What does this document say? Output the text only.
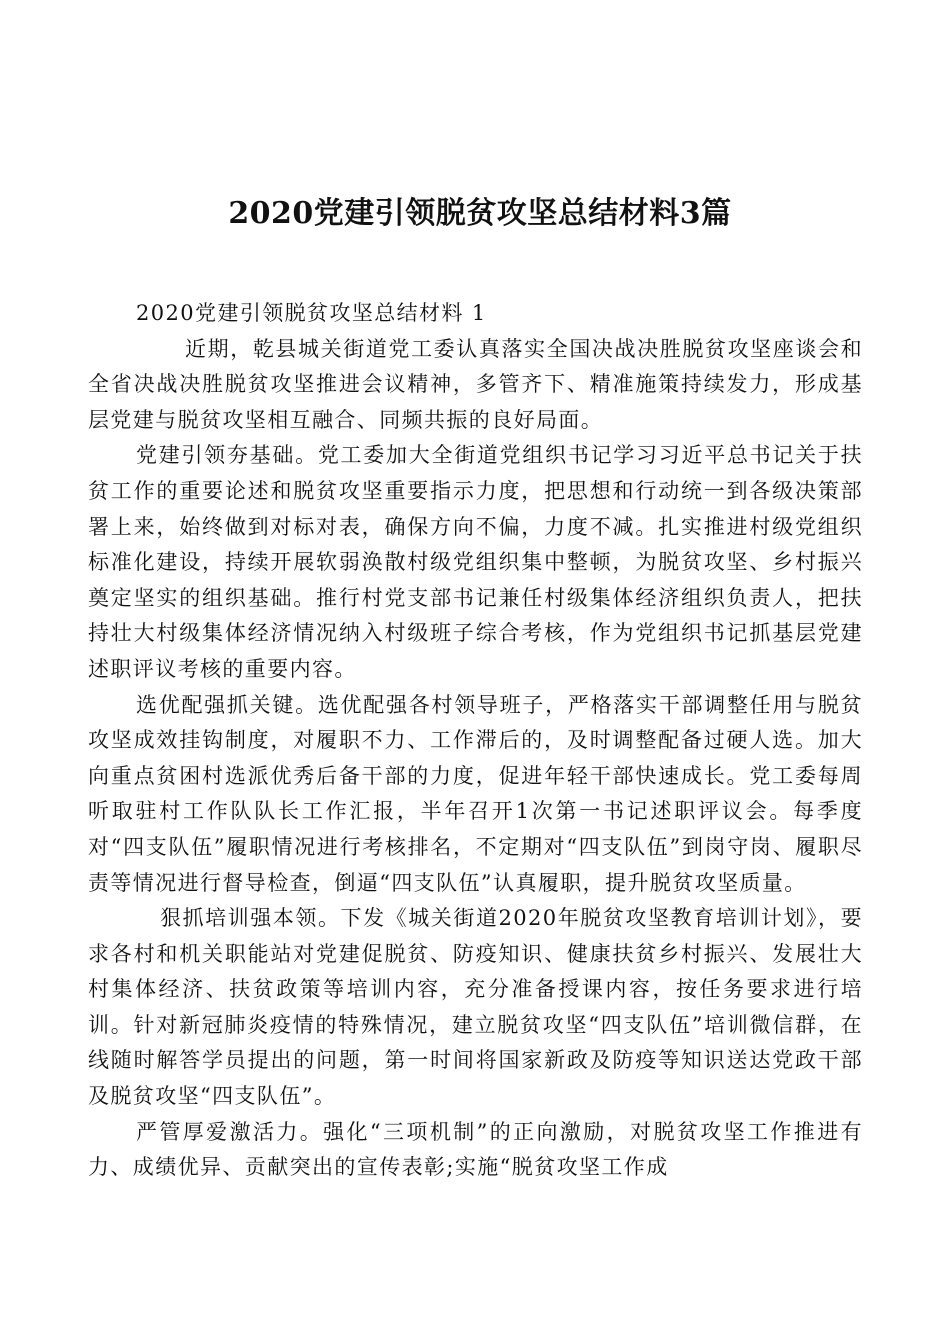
2020党建引领脱贫攻坚总结材料3篇

2020党建引领脱贫攻坚总结材料 1

近期，乾县城关街道党工委认真落实全国决战决胜脱贫攻坚座谈会和全省决战决胜脱贫攻坚推进会议精神，多管齐下、精准施策持续发力，形成基层党建与脱贫攻坚相互融合、同频共振的良好局面。

党建引领夯基础。党工委加大全街道党组织书记学习习近平总书记关于扶贫工作的重要论述和脱贫攻坚重要指示力度，把思想和行动统一到各级决策部署上来，始终做到对标对表，确保方向不偏，力度不减。扎实推进村级党组织标准化建设，持续开展软弱涣散村级党组织集中整顿，为脱贫攻坚、乡村振兴奠定坚实的组织基础。推行村党支部书记兼任村级集体经济组织负责人，把扶持壮大村级集体经济情况纳入村级班子综合考核，作为党组织书记抓基层党建述职评议考核的重要内容。

选优配强抓关键。选优配强各村领导班子，严格落实干部调整任用与脱贫攻坚成效挂钩制度，对履职不力、工作滞后的，及时调整配备过硬人选。加大向重点贫困村选派优秀后备干部的力度，促进年轻干部快速成长。党工委每周听取驻村工作队队长工作汇报，半年召开1次第一书记述职评议会。每季度对“四支队伍”履职情况进行考核排名，不定期对“四支队伍”到岗守岗、履职尽责等情况进行督导检查，倒逼“四支队伍”认真履职，提升脱贫攻坚质量。

狠抓培训强本领。下发《城关街道2020年脱贫攻坚教育培训计划》，要求各村和机关职能站对党建促脱贫、防疫知识、健康扶贫乡村振兴、发展壮大村集体经济、扶贫政策等培训内容，充分准备授课内容，按任务要求进行培训。针对新冠肺炎疫情的特殊情况，建立脱贫攻坚“四支队伍”培训微信群，在线随时解答学员提出的问题，第一时间将国家新政及防疫等知识送达党政干部及脱贫攻坚“四支队伍”。

严管厚爱激活力。强化“三项机制”的正向激励，对脱贫攻坚工作推进有力、成绩优异、贡献突出的宣传表彰;实施“脱贫攻坚工作成
